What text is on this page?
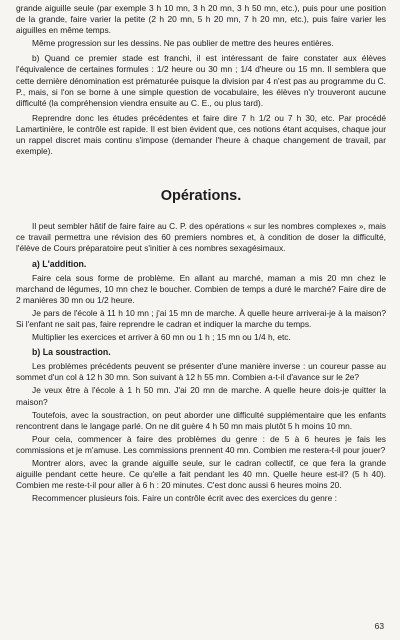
grande aiguille seule (par exemple 3 h 10 mn, 3 h 20 mn, 3 h 50 mn, etc.), puis pour une position de la grande, faire varier la petite (2 h 20 mn, 5 h 20 mn, 7 h 20 mn, etc.), puis faire varier les aiguilles en même temps.

Même progression sur les dessins. Ne pas oublier de mettre des heures entières.

b) Quand ce premier stade est franchi, il est intéressant de faire constater aux élèves l'équivalence de certaines formules : 1/2 heure ou 30 mn ; 1/4 d'heure ou 15 mn. Il semblera que cette dernière dénomination est prématurée puisque la division par 4 n'est pas au programme du C. P., mais, si l'on se borne à une simple question de vocabulaire, les élèves n'y trouveront aucune difficulté (la compréhension viendra ensuite au C. E., ou plus tard).

Reprendre donc les études précédentes et faire dire 7 h 1/2 ou 7 h 30, etc. Par procédé Lamartinière, le contrôle est rapide. Il est bien évident que, ces notions étant acquises, chaque jour un rappel discret mais continu s'impose (demander l'heure à chaque changement de travail, par exemple).

Opérations.

Il peut sembler hâtif de faire faire au C. P. des opérations « sur les nombres complexes », mais ce travail permettra une révision des 60 premiers nombres et, à condition de doser la difficulté, l'élève de Cours préparatoire peut s'initier à ces nombres sexagésimaux.

a) L'addition.

Faire cela sous forme de problème. En allant au marché, maman a mis 20 mn chez le marchand de légumes, 10 mn chez le boucher. Combien de temps a duré le marché? Faire dire de 2 manières 30 mn ou 1/2 heure.

Je pars de l'école à 11 h 10 mn ; j'ai 15 mn de marche. À quelle heure arriverai-je à la maison? Si l'enfant ne sait pas, faire reprendre le cadran et indiquer la marche du temps.

Multiplier les exercices et arriver à 60 mn ou 1 h ; 15 mn ou 1/4 h, etc.

b) La soustraction.

Les problèmes précédents peuvent se présenter d'une manière inverse : un coureur passe au sommet d'un col à 12 h 30 mn. Son suivant à 12 h 55 mn. Combien a-t-il d'avance sur le 2e?

Je veux être à l'école à 1 h 50 mn. J'ai 20 mn de marche. A quelle heure dois-je quitter la maison?

Toutefois, avec la soustraction, on peut aborder une difficulté supplémentaire que les enfants rencontrent dans le langage parlé. On ne dit guère 4 h 50 mn mais plutôt 5 h moins 10 mn.

Pour cela, commencer à faire des problèmes du genre : de 5 à 6 heures je fais les commissions et je m'amuse. Les commissions prennent 40 mn. Combien me restera-t-il pour jouer?

Montrer alors, avec la grande aiguille seule, sur le cadran collectif, ce que fera la grande aiguille pendant cette heure. Ce qu'elle a fait pendant les 40 mn. Quelle heure est-il? (5 h 40). Combien me reste-t-il pour aller à 6 h : 20 minutes. C'est donc aussi 6 heures moins 20.

Recommencer plusieurs fois. Faire un contrôle écrit avec des exercices du genre :

63
